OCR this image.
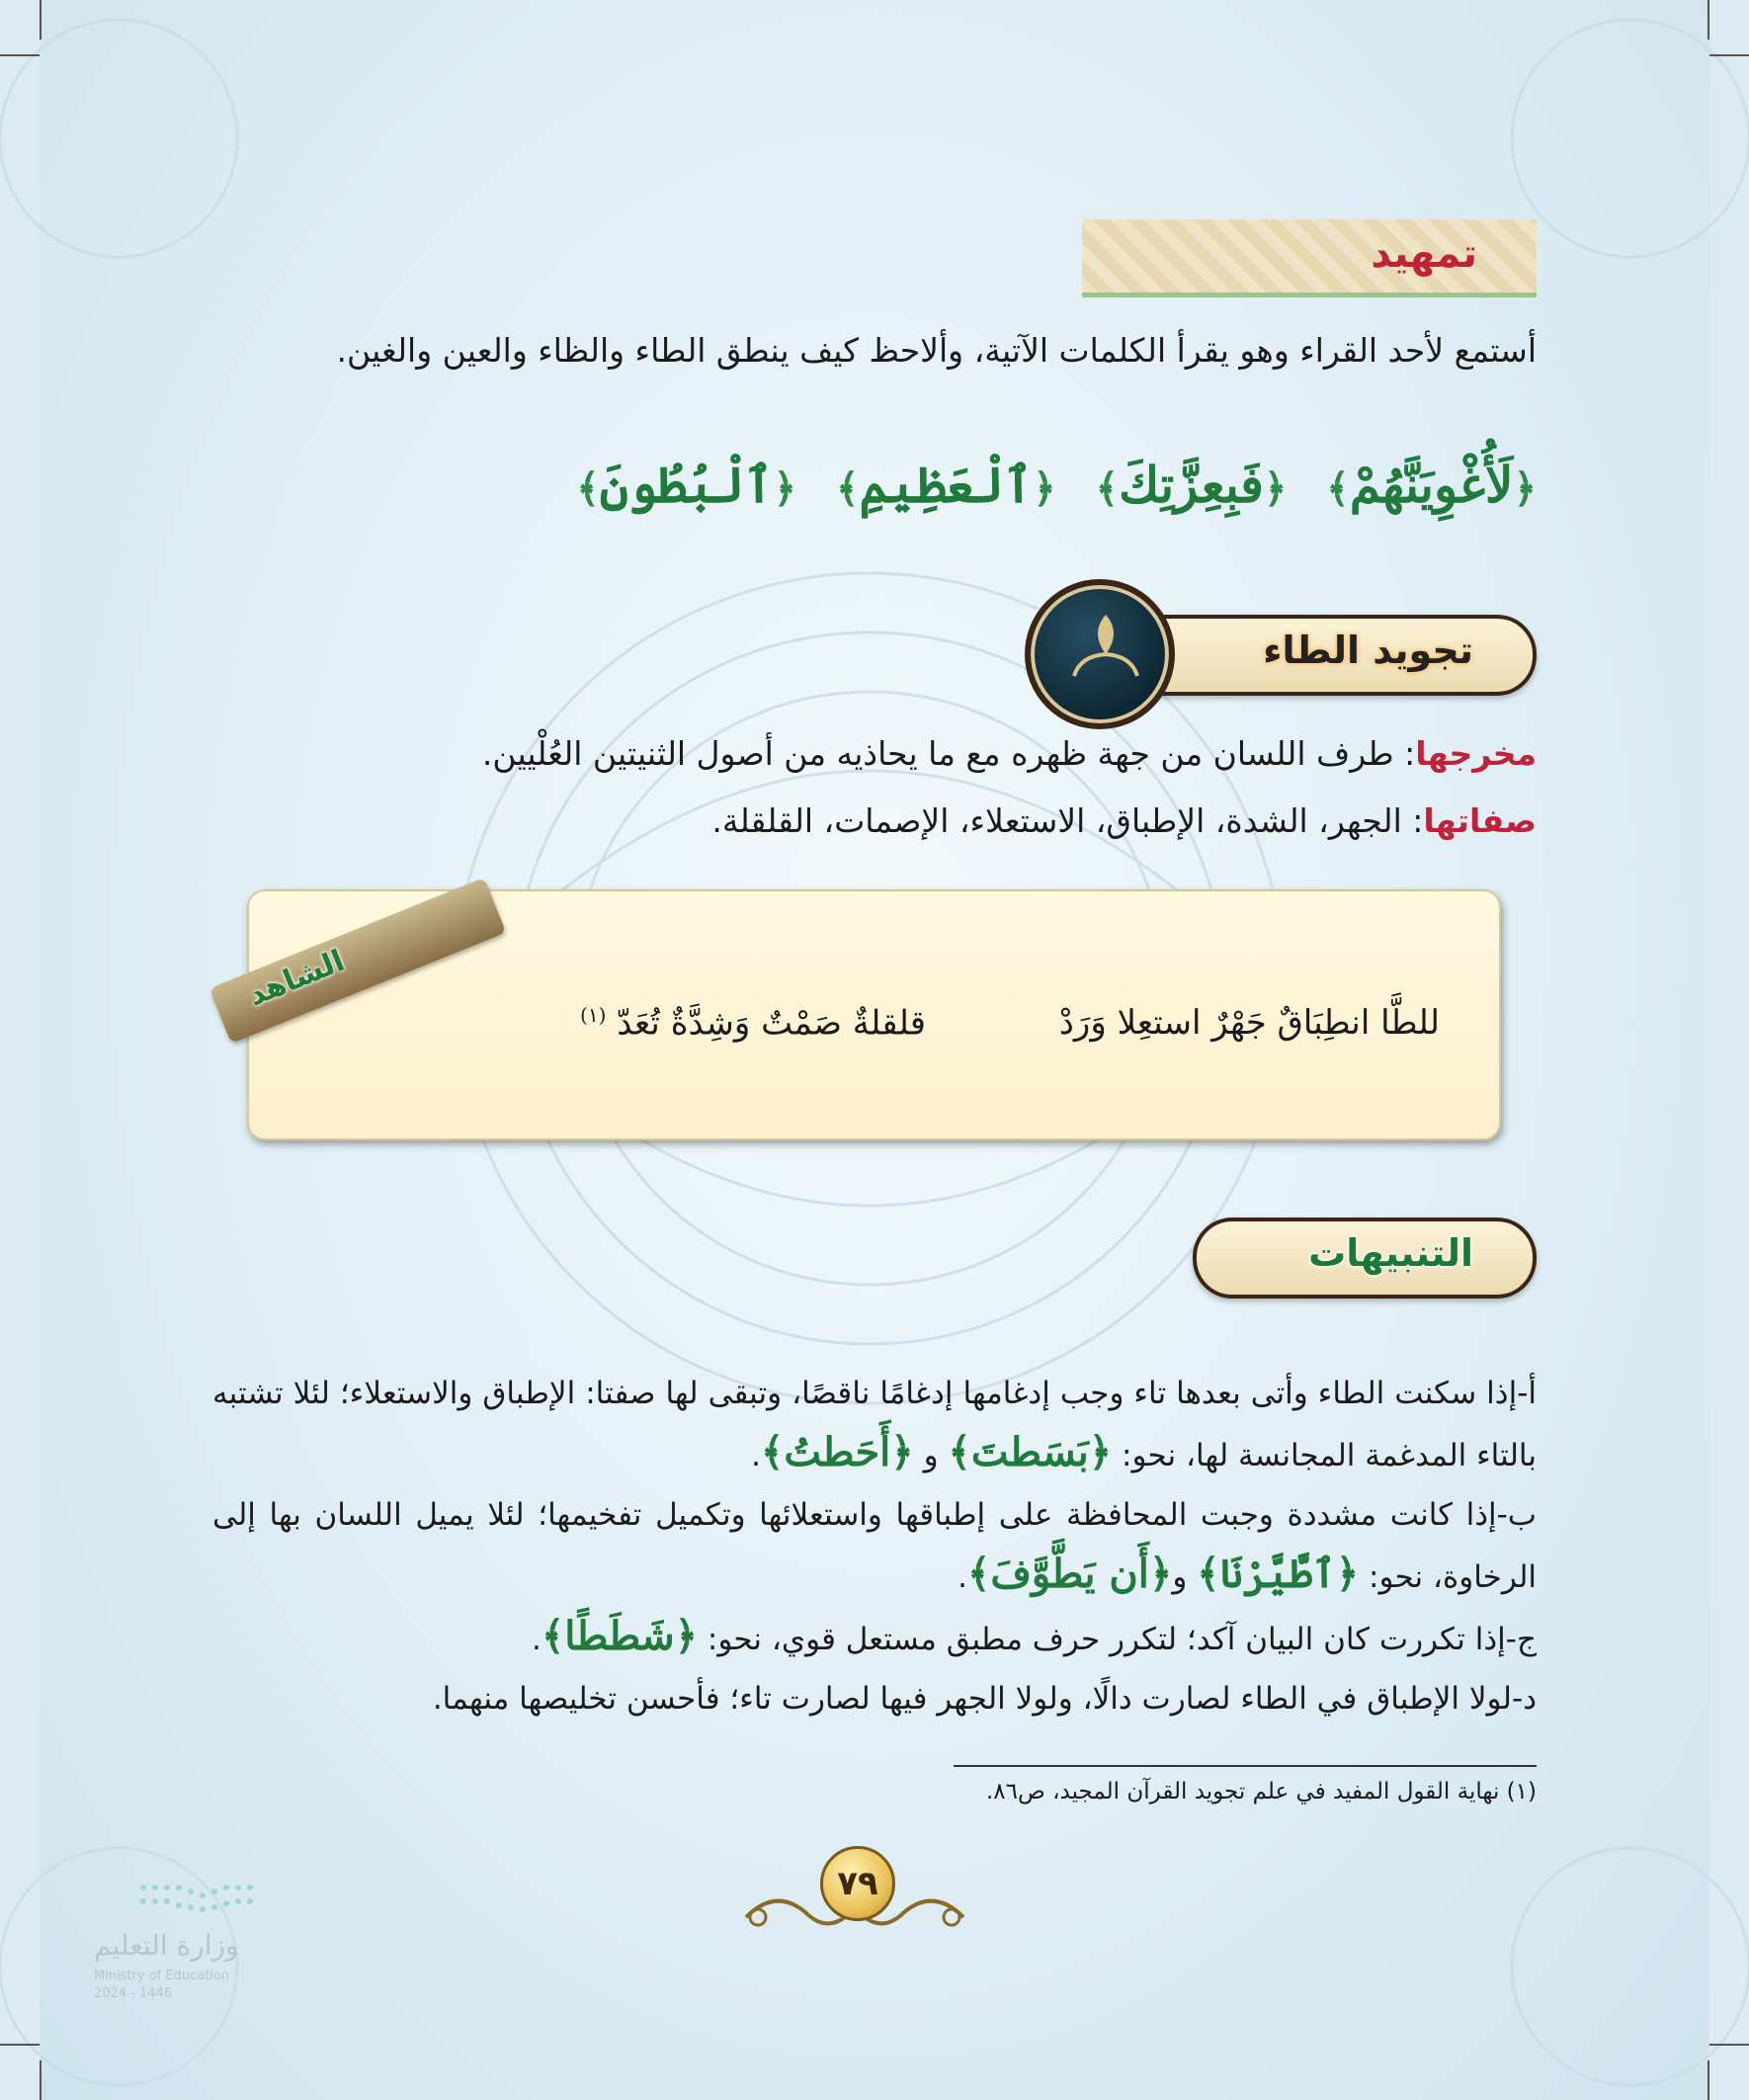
تمهيد

أستمع لأحد القراء وهو يقرأ الكلمات الآتية، وألاحظ كيف ينطق الطاء والظاء والعين والغين.

﴿لَأُغْوِيَنَّهُمْ﴾
﴿فَبِعِزَّتِكَ﴾
﴿ٱلْعَظِيمِ﴾
﴿ٱلْبُطُونَ﴾
تجويد الطاء

مخرجها: طرف اللسان من جهة ظهره مع ما يحاذيه من أصول الثنيتين العُلْيين.

صفاتها: الجهر، الشدة، الإطباق، الاستعلاء، الإصمات، القلقلة.

الشاهد
للطَّا انطِبَاقٌ جَهْرٌ استعِلا وَرَدْ
قلقلةٌ صَمْتٌ وَشِدَّةٌ تُعَدّ $^{(١)}$
التنبيهات

أ-إذا سكنت الطاء وأتى بعدها تاء وجب إدغامها إدغامًا ناقصًا، وتبقى لها صفتا: الإطباق والاستعلاء؛ لئلا تشتبه بالتاء المدغمة المجانسة لها، نحو: ﴿بَسَطتَ﴾ و ﴿أَحَطتُ﴾.

ب-إذا كانت مشددة وجبت المحافظة على إطباقها واستعلائها وتكميل تفخيمها؛ لئلا يميل اللسان بها إلى الرخاوة، نحو: ﴿ٱطَّيَّرْنَا﴾ و﴿أَن يَطَّوَّفَ﴾.

ج-إذا تكررت كان البيان آكد؛ لتكرر حرف مطبق مستعل قوي، نحو: ﴿شَطَطًا﴾.

د-لولا الإطباق في الطاء لصارت دالًا، ولولا الجهر فيها لصارت تاء؛ فأحسن تخليصها منهما.

(١) نهاية القول المفيد في علم تجويد القرآن المجيد، ص٨٦.
٧٩
وزارة التعليم
Ministry of Education
2024 - 1446
